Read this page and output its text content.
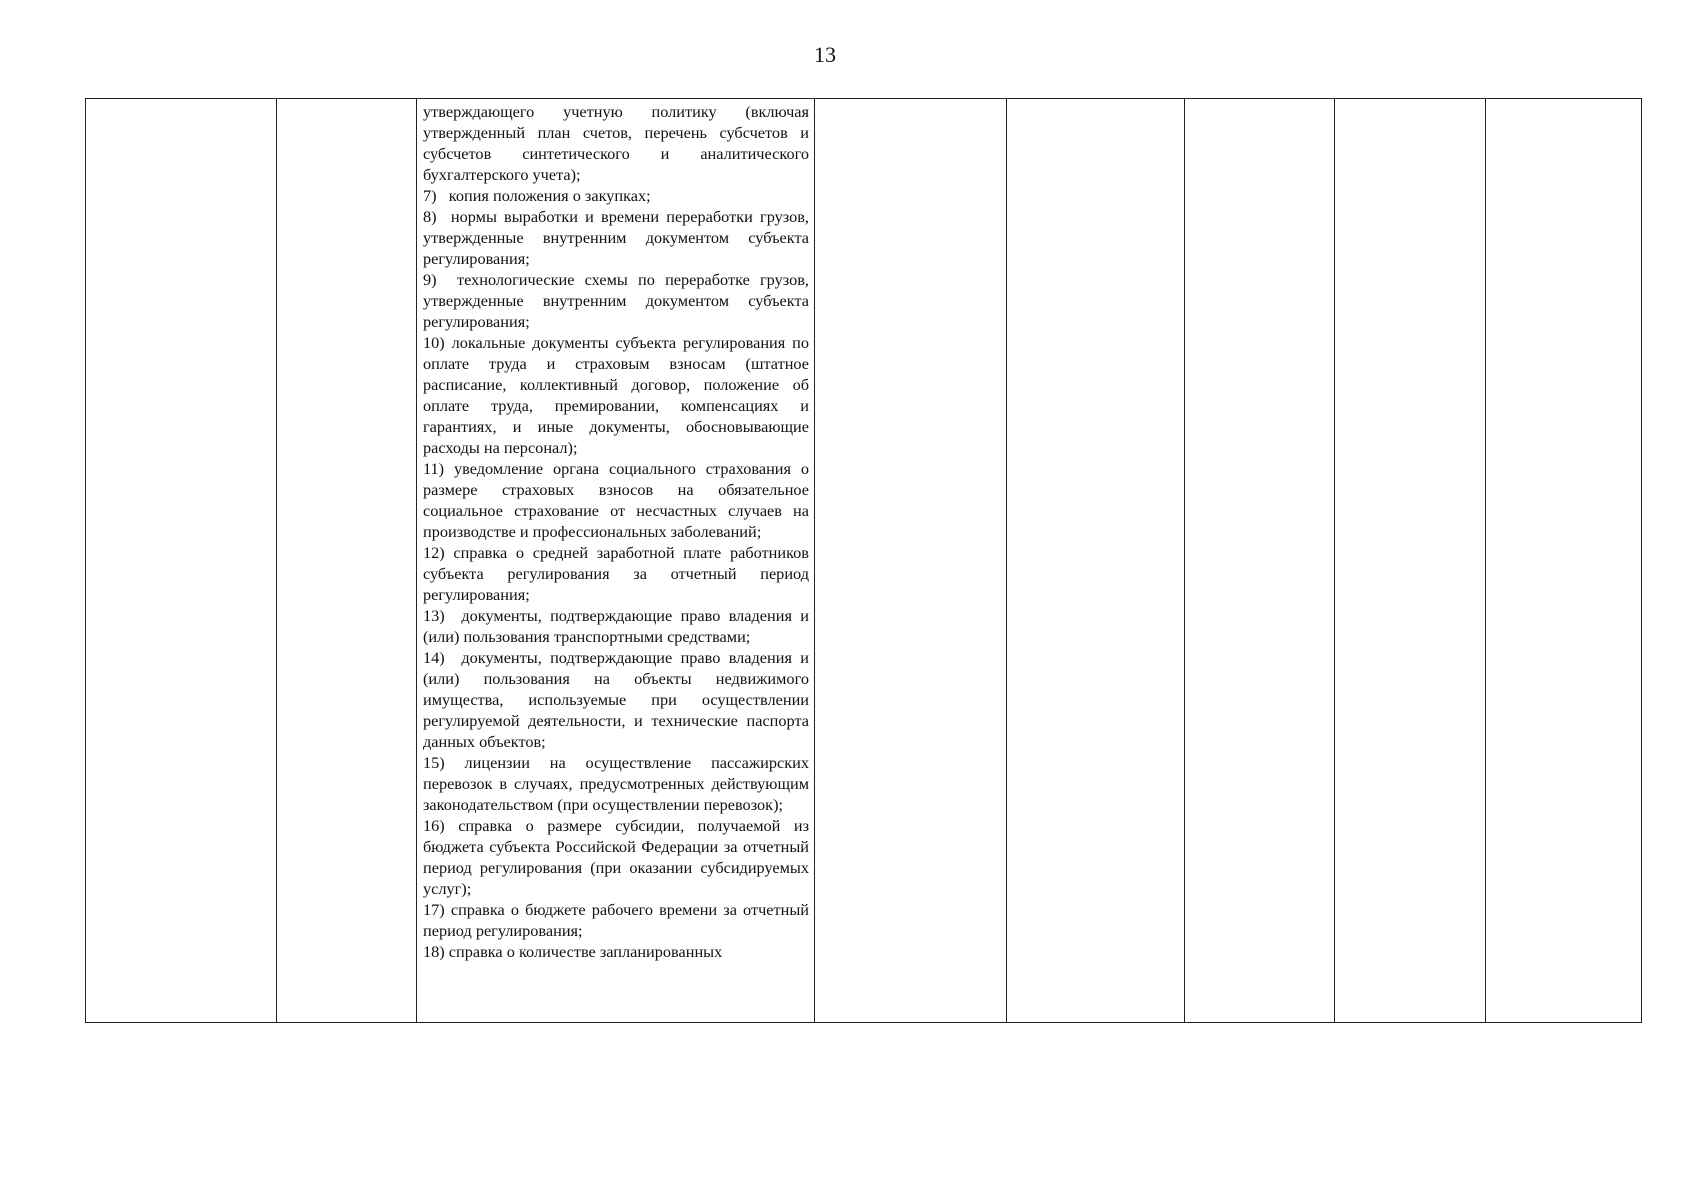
13

утверждающего учетную политику (включая утвержденный план счетов, перечень субсчетов и субсчетов синтетического и аналитического бухгалтерского учета);

7)   копия положения о закупках;

8)  нормы выработки и времени переработки грузов, утвержденные внутренним документом субъекта регулирования;

9)  технологические схемы по переработке грузов, утвержденные внутренним документом субъекта регулирования;

10) локальные документы субъекта регулирования по оплате труда и страховым взносам (штатное расписание, коллективный договор, положение об оплате труда, премировании, компенсациях и гарантиях, и иные документы, обосновывающие расходы на персонал);

11) уведомление органа социального страхования о размере страховых взносов на обязательное социальное страхование от несчастных случаев на производстве и профессиональных заболеваний;

12) справка о средней заработной плате работников субъекта регулирования за отчетный период регулирования;

13)  документы, подтверждающие право владения и (или) пользования транспортными средствами;

14)  документы, подтверждающие право владения и (или) пользования на объекты недвижимого имущества, используемые при осуществлении регулируемой деятельности, и технические паспорта данных объектов;

15) лицензии на осуществление пассажирских перевозок в случаях, предусмотренных действующим законодательством (при осуществлении перевозок);

16) справка о размере субсидии, получаемой из бюджета субъекта Российской Федерации за отчетный период регулирования (при оказании субсидируемых услуг);

17) справка о бюджете рабочего времени за отчетный период регулирования;

18) справка о количестве запланированных
